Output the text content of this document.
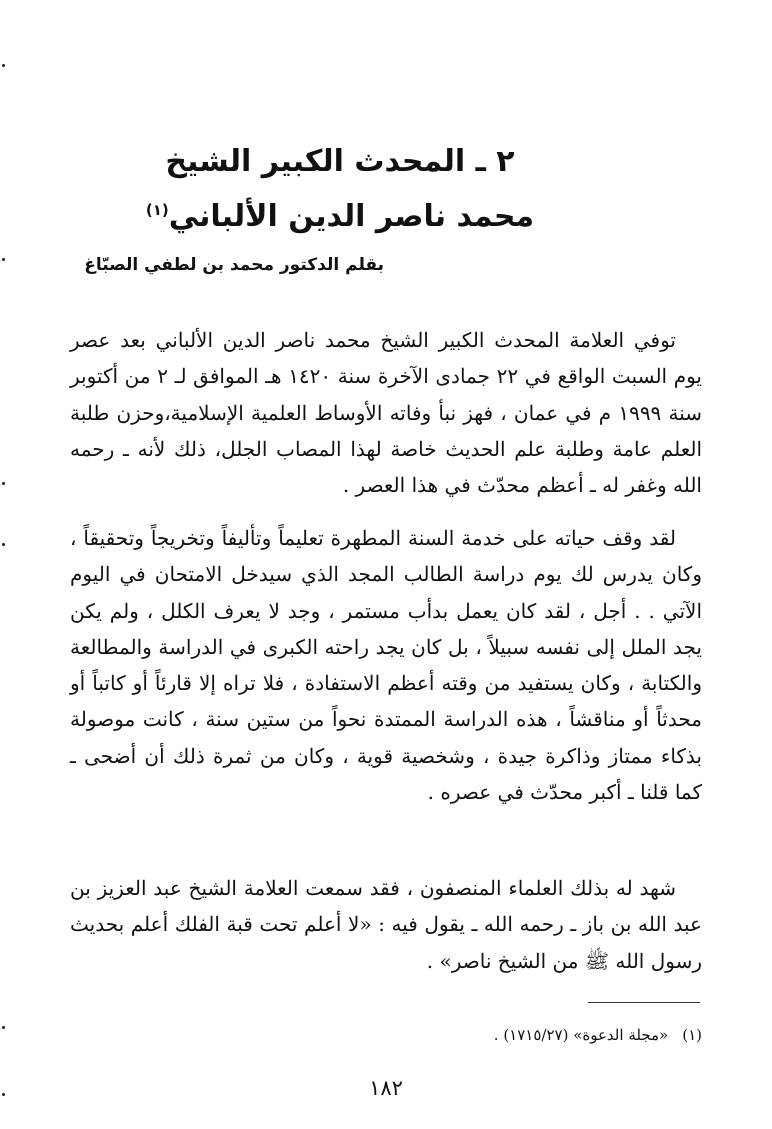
٢ ـ المحدث الكبير الشيخ
محمد ناصر الدين الألباني$^{(١)}$
بقلم الدكتور محمد بن لطفي الصبّاغ

توفي العلامة المحدث الكبير الشيخ محمد ناصر الدين الألباني بعد عصر يوم السبت الواقع في ٢٢ جمادى الآخرة سنة ١٤٢٠ هـ الموافق لـ ٢ من أكتوبر سنة ١٩٩٩ م في عمان ، فهز نبأ وفاته الأوساط العلمية الإسلامية،وحزن طلبة العلم عامة وطلبة علم الحديث خاصة لهذا المصاب الجلل، ذلك لأنه ـ رحمه الله وغفر له ـ أعظم محدّث في هذا العصر .

لقد وقف حياته على خدمة السنة المطهرة تعليماً وتأليفاً وتخريجاً وتحقيقاً ، وكان يدرس لك يوم دراسة الطالب المجد الذي سيدخل الامتحان في اليوم الآتي . . أجل ، لقد كان يعمل بدأب مستمر ، وجد لا يعرف الكلل ، ولم يكن يجد الملل إلى نفسه سبيلاً ، بل كان يجد راحته الكبرى في الدراسة والمطالعة والكتابة ، وكان يستفيد من وقته أعظم الاستفادة ، فلا تراه إلا قارئاً أو كاتباً أو محدثاً أو مناقشاً ، هذه الدراسة الممتدة نحواً من ستين سنة ، كانت موصولة بذكاء ممتاز وذاكرة جيدة ، وشخصية قوية ، وكان من ثمرة ذلك أن أضحى ـ كما قلنا ـ أكبر محدّث في عصره .

شهد له بذلك العلماء المنصفون ، فقد سمعت العلامة الشيخ عبد العزيز بن عبد الله بن باز ـ رحمه الله ـ يقول فيه : «لا أعلم تحت قبة الفلك أعلم بحديث رسول الله ﷺ من الشيخ ناصر» .

(١)«مجلة الدعوة» (١٧١٥/٢٧) .
١٨٢
